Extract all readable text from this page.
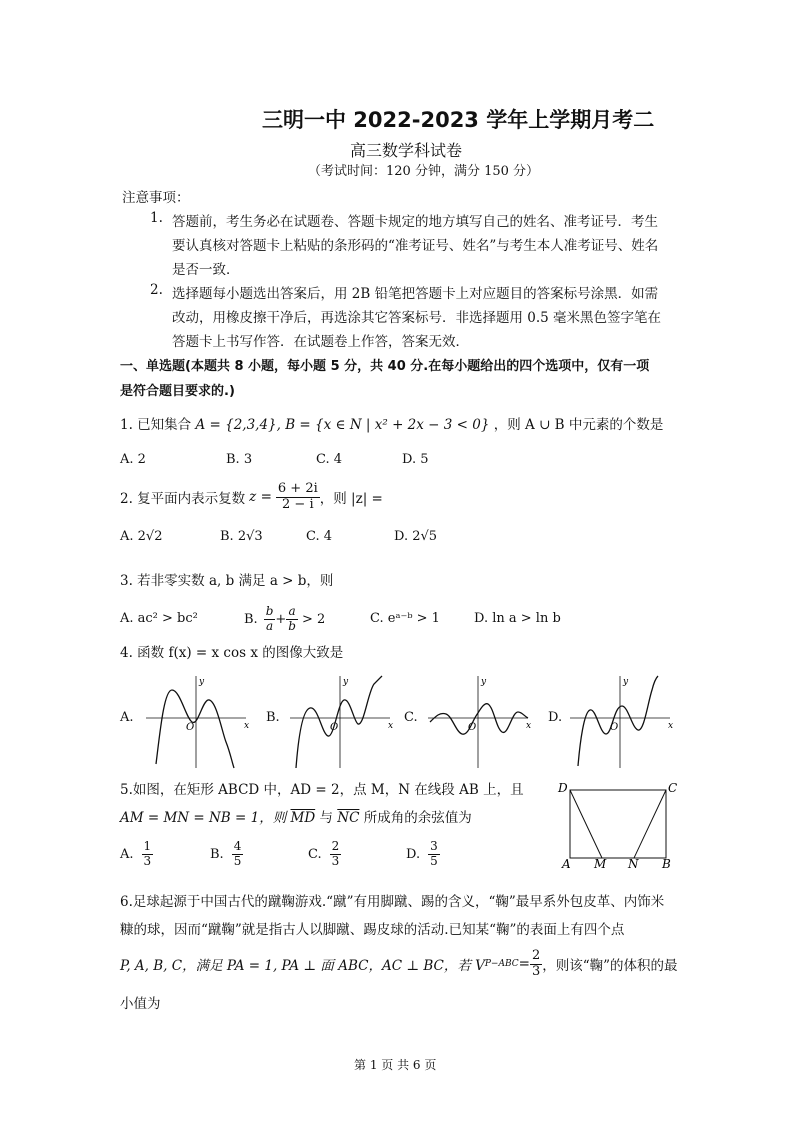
三明一中 2022-2023 学年上学期月考二
高三数学科试卷
（考试时间：120 分钟，满分 150 分）
注意事项：
1. 答题前，考生务必在试题卷、答题卡规定的地方填写自己的姓名、准考证号．考生
要认真核对答题卡上粘贴的条形码的“准考证号、姓名”与考生本人准考证号、姓名
是否一致．
2. 选择题每小题选出答案后，用 2B 铅笔把答题卡上对应题目的答案标号涂黑．如需
改动，用橡皮擦干净后，再选涂其它答案标号．非选择题用 0.5 毫米黑色签字笔在
答题卡上书写作答．在试题卷上作答，答案无效．
一、单选题(本题共 8 小题，每小题 5 分，共 40 分.在每小题给出的四个选项中，仅有一项
是符合题目要求的.)
1. 已知集合 A = {2,3,4}, B = {x ∈ N | x² + 2x − 3 < 0} ，则 A ∪ B 中元素的个数是
A. 2	B. 3	C. 4	D. 5
2. 复平面内表示复数 $z = \frac{6 + 2i}{2 - i}$ ，则 |z| =
A. 2√2	B. 2√3	C. 4	D. 2√5
3. 若非零实数 a, b 满足 a > b，则
A. ac² > bc²	B. $\frac{b}{a} + \frac{a}{b} > 2$	C. eᵃ⁻ᵇ > 1	D. ln a > ln b
4. 函数 f(x) = x cos x 的图像大致是
A.	B.	C.	D.
y
x
O
y
x
O
y
x
O
y
x
O
5.如图，在矩形 ABCD 中，AD = 2，点 M，N 在线段 AB 上，且
AM = MN = NB = 1，则 $\overline{MD}$ 与 $\overline{NC}$ 所成角的余弦值为
A. $\frac{1}{3}$	B. $\frac{4}{5}$	C. $\frac{2}{3}$	D. $\frac{3}{5}$
D	C
A M N B
6.足球起源于中国古代的蹴鞠游戏.“蹴”有用脚蹴、踢的含义，“鞠”最早系外包皮革、内饰米
糠的球，因而“蹴鞠”就是指古人以脚蹴、踢皮球的活动.已知某“鞠”的表面上有四个点
P, A, B, C，满足 PA = 1, PA ⊥ 面 ABC，AC ⊥ BC，若 V $P-ABC = \frac{2}{3}$ ，则该“鞠”的体积的最
小值为
第 1 页 共 6 页
